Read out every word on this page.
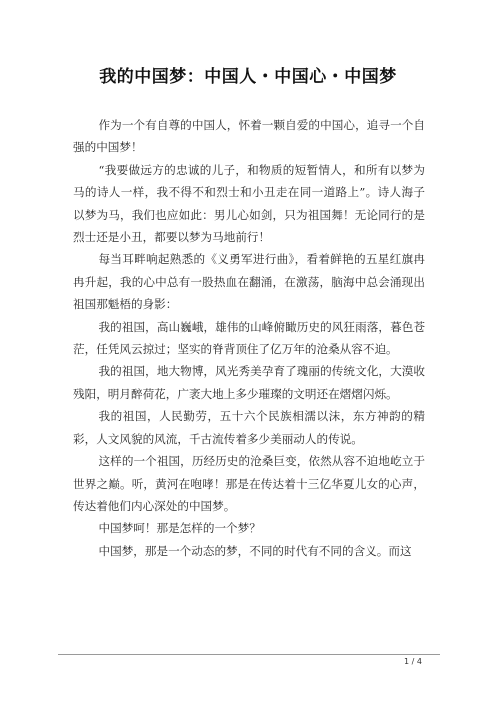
我的中国梦：中国人・中国心・中国梦

作为一个有自尊的中国人，怀着一颗自爱的中国心，追寻一个自强的中国梦！

“我要做远方的忠诚的儿子，和物质的短暂情人，和所有以梦为马的诗人一样，我不得不和烈士和小丑走在同一道路上”。诗人海子以梦为马，我们也应如此：男儿心如剑，只为祖国舞！无论同行的是烈士还是小丑，都要以梦为马地前行！

每当耳畔响起熟悉的《义勇军进行曲》，看着鲜艳的五星红旗冉冉升起，我的心中总有一股热血在翻涌，在激荡，脑海中总会涌现出祖国那魁梧的身影：

我的祖国，高山巍峨，雄伟的山峰俯瞰历史的风狂雨落，暮色苍茫，任凭风云掠过；坚实的脊背顶住了亿万年的沧桑从容不迫。

我的祖国，地大物博，风光秀美孕育了瑰丽的传统文化，大漠收残阳，明月醉荷花，广袤大地上多少璀璨的文明还在熠熠闪烁。

我的祖国，人民勤劳，五十六个民族相濡以沫，东方神韵的精彩，人文风貌的风流，千古流传着多少美丽动人的传说。

这样的一个祖国，历经历史的沧桑巨变，依然从容不迫地屹立于世界之巅。听，黄河在咆哮！那是在传达着十三亿华夏儿女的心声，传达着他们内心深处的中国梦。

中国梦呵！那是怎样的一个梦？

中国梦，那是一个动态的梦，不同的时代有不同的含义。而这

1 / 4
